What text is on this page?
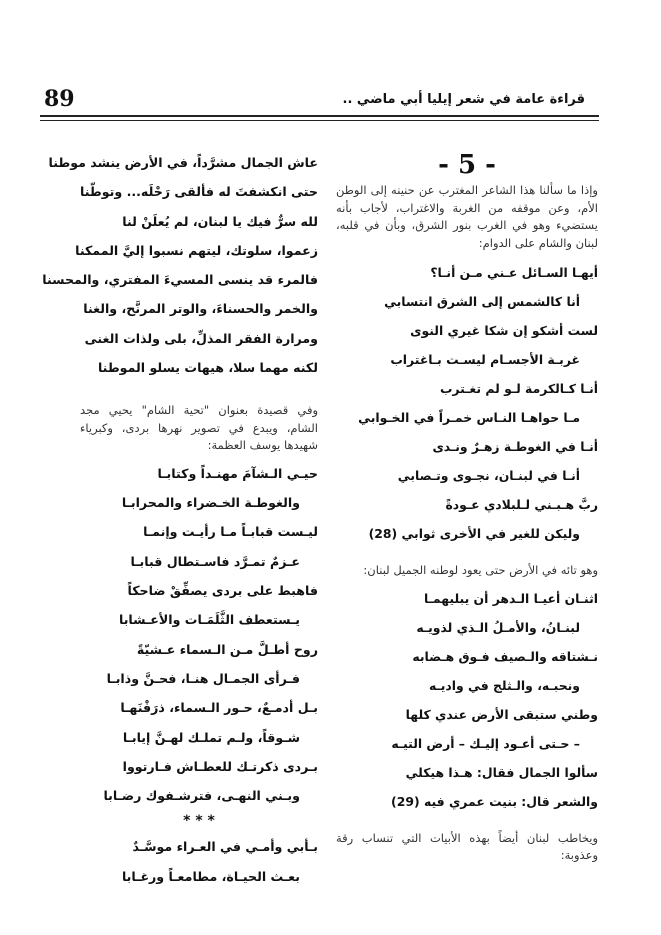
89	قراءة عامة في شعر إيليا أبي ماضي ..
- 5 -
وإذا ما سألنا هذا الشاعر المغترب عن حنينه إلى الوطن الأم، وعن موقفه من الغربة والاغتراب، لأجاب بأنه يستضيء وهو في الغرب بنور الشرق، وبأن في قلبه، لبنان والشام على الدوام:
أيهـا السـائل عـني مـن أنـا؟
أنا كالشمس إلى الشرق انتسابي
لست أشكو إن شكا غيري النوى
غربـة الأجسـام ليسـت بـاغتراب
أنـا كـالكرمة لـو لم تغـترب
مـا حواهـا النـاس خمـراً في الخـوابي
أنـا في الغوطـة زهـرٌ ونـدى
أنـا في لبنـان، نجـوى وتـصابي
ربَّ هـبـني لـلبلادي عـودةً
وليكن للغير في الأخرى ثوابي (28)
وهو تائه في الأرض حتى يعود لوطنه الجميل لبنان:
اثنـان أعيـا الـدهر أن يبليهمـا
لبنـانُ، والأمـلُ الـذي لذويـه
نـشتاقه والـصيف فـوق هـضابه
ونحبـه، والـثلج في واديـه
وطني ستبقى الأرض عندي كلها
– حـتى أعـود إليـك – أرض التيـه
سألوا الجمال فقال: هـذا هيكلي
والشعر قال: بنيت عمري فيه (29)
ويخاطب لبنان أيضاً بهذه الأبيات التي تنساب رقة وعذوبة:
عاش الجمال مشرَّداً، في الأرض ينشد موطنا
حتى انكشفتَ له فألقى رَحْلَه... وتوطّنا
لله سرٌّ فيك يا لبنان، لم يُعلَنْ لنا
زعموا، سلوتك، ليتهم نسبوا إليَّ الممكنا
فالمرء قد ينسى المسيءَ المفتري، والمحسنا
والخمر والحسناءَ، والوتر المرنَّح، والغنا
ومرارة الفقر المذلِّ، بلى ولذات الغنى
لكنه مهما سلا، هيهات يسلو الموطنا
وفي قصيدة بعنوان "تحية الشام" يحيي مجد الشام، ويبدع في تصوير نهرها بردى، وكبرياء شهيدها يوسف العظمة:
حيـي الـشآمَ مهنـداً وكتابـا
والغوطـة الخـضراء والمحرابـا
ليـست قبابـاً مـا رأيـت وإنمـا
عـزمٌ تمـرَّد فاسـتطال قبابـا
فاهبط على بردى يصفِّقْ ضاحكاً
يـستعطف الثَّلَمَـات والأعـشابا
روح أطـلَّ مـن الـسماء عـشيّةً
فـرأى الجمـال هنـا، فحـنَّ وذابـا
بـل أدمـعٌ، حـور الـسماء، ذرَفْنَهـا
شـوقاً، ولـم تملـك لهـنَّ إيابـا
بـردى ذكرتـك للعطـاش فـارتووا
وبـني النهـى، فترشـفوك رضـابا
* * *
بـأبي وأمـي في العـراء موسَّـدٌ
بعـث الحيـاة، مطامعـاً ورغـابا
